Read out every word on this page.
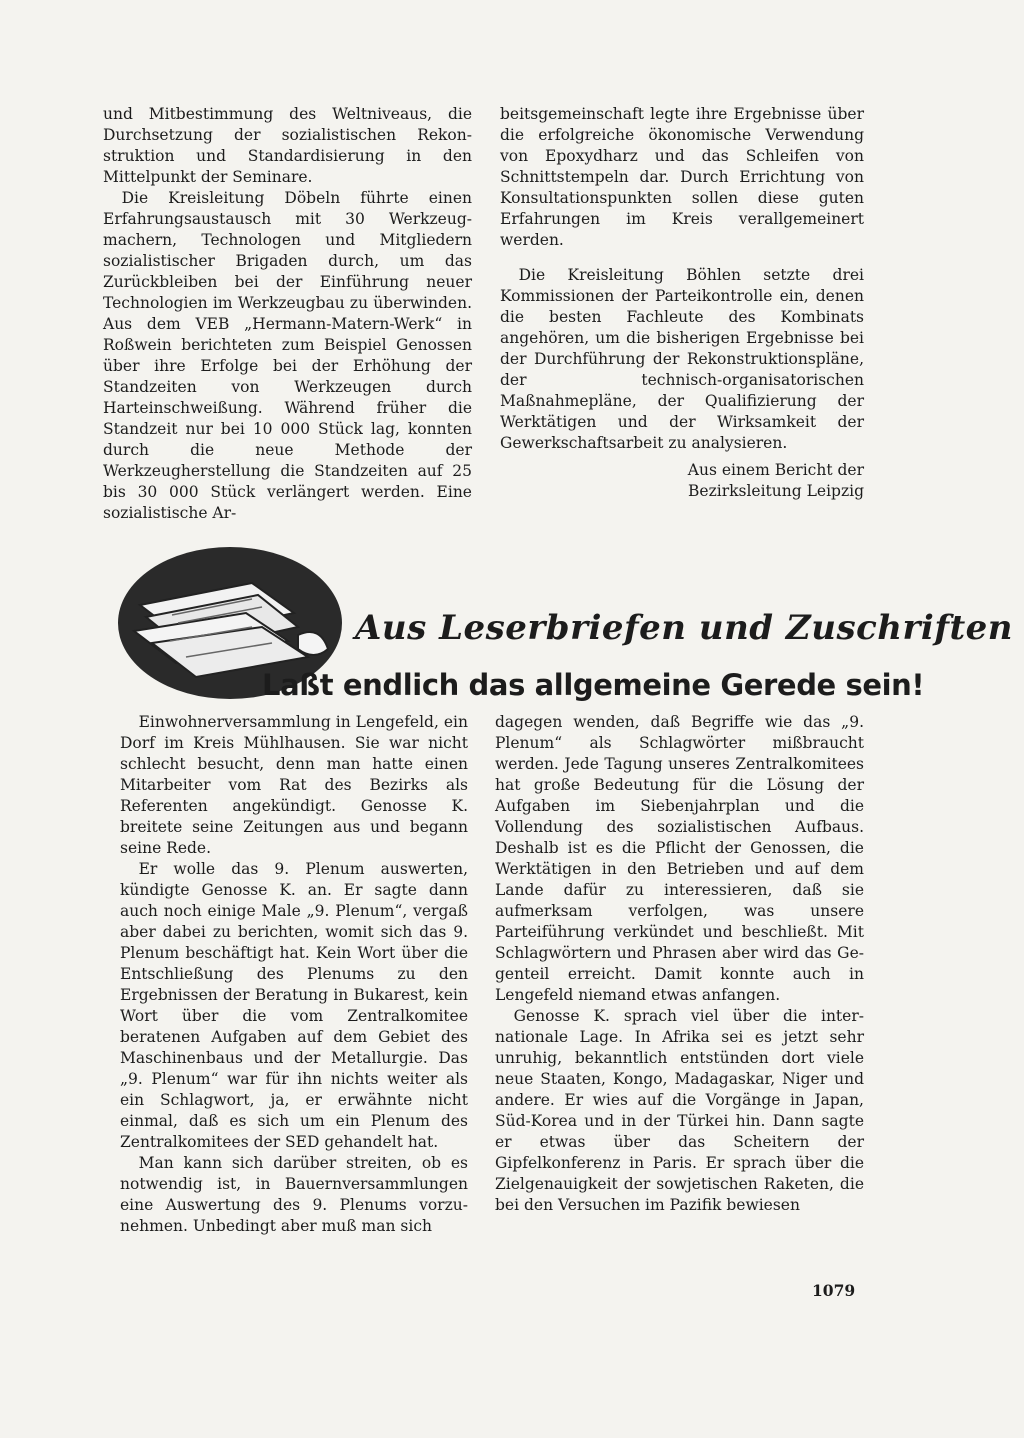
und Mitbestimmung des Weltniveaus, die Durchsetzung der sozialistischen Rekonstruktion und Standardisierung in den Mittelpunkt der Seminare.

Die Kreisleitung Döbeln führte einen Erfahrungsaustausch mit 30 Werkzeugmachern, Technologen und Mitgliedern sozialistischer Brigaden durch, um das Zurückbleiben bei der Einführung neuer Technologien im Werkzeugbau zu überwinden. Aus dem VEB „Hermann-Matern-Werk“ in Roßwein berichteten zum Beispiel Genossen über ihre Erfolge bei der Erhöhung der Standzeiten von Werkzeugen durch Harteinschweißung. Während früher die Standzeit nur bei 10 000 Stück lag, konnten durch die neue Methode der Werkzeugherstellung die Standzeiten auf 25 bis 30 000 Stück verlängert werden. Eine sozialistische Ar-

beitsgemeinschaft legte ihre Ergebnisse über die erfolgreiche ökonomische Verwendung von Epoxydharz und das Schleifen von Schnittstempeln dar. Durch Errichtung von Konsultationspunkten sollen diese guten Erfahrungen im Kreis verallgemeinert werden.

Die Kreisleitung Böhlen setzte drei Kommissionen der Parteikontrolle ein, denen die besten Fachleute des Kombinats angehören, um die bisherigen Ergebnisse bei der Durchführung der Rekonstruktionspläne, der technisch-organisatorischen Maßnahmepläne, der Qualifizierung der Werktätigen und der Wirksamkeit der Gewerkschaftsarbeit zu analysieren.

Aus einem Bericht der
Bezirksleitung Leipzig
Aus Leserbriefen und Zuschriften
Laßt endlich das allgemeine Gerede sein!

Einwohnerversammlung in Lengefeld, ein Dorf im Kreis Mühlhausen. Sie war nicht schlecht besucht, denn man hatte einen Mitarbeiter vom Rat des Bezirks als Referenten angekündigt. Genosse K. breitete seine Zeitungen aus und begann seine Rede.

Er wolle das 9. Plenum auswerten, kündigte Genosse K. an. Er sagte dann auch noch einige Male „9. Plenum“, vergaß aber dabei zu berichten, womit sich das 9. Plenum beschäftigt hat. Kein Wort über die Entschließung des Plenums zu den Ergebnissen der Beratung in Bukarest, kein Wort über die vom Zentralkomitee beratenen Aufgaben auf dem Gebiet des Maschinenbaus und der Metallurgie. Das „9. Plenum“ war für ihn nichts weiter als ein Schlagwort, ja, er erwähnte nicht einmal, daß es sich um ein Plenum des Zentralkomitees der SED gehandelt hat.

Man kann sich darüber streiten, ob es notwendig ist, in Bauernversammlungen eine Auswertung des 9. Plenums vorzunehmen. Unbedingt aber muß man sich

dagegen wenden, daß Begriffe wie das „9. Plenum“ als Schlagwörter mißbraucht werden. Jede Tagung unseres Zentralkomitees hat große Bedeutung für die Lösung der Aufgaben im Siebenjahrplan und die Vollendung des sozialistischen Aufbaus. Deshalb ist es die Pflicht der Genossen, die Werktätigen in den Betrieben und auf dem Lande dafür zu interessieren, daß sie aufmerksam verfolgen, was unsere Parteiführung verkündet und beschließt. Mit Schlagwörtern und Phrasen aber wird das Gegenteil erreicht. Damit konnte auch in Lengefeld niemand etwas anfangen.

Genosse K. sprach viel über die internationale Lage. In Afrika sei es jetzt sehr unruhig, bekanntlich entstünden dort viele neue Staaten, Kongo, Madagaskar, Niger und andere. Er wies auf die Vorgänge in Japan, Süd-Korea und in der Türkei hin. Dann sagte er etwas über das Scheitern der Gipfelkonferenz in Paris. Er sprach über die Zielgenauigkeit der sowjetischen Raketen, die bei den Versuchen im Pazifik bewiesen

1079
